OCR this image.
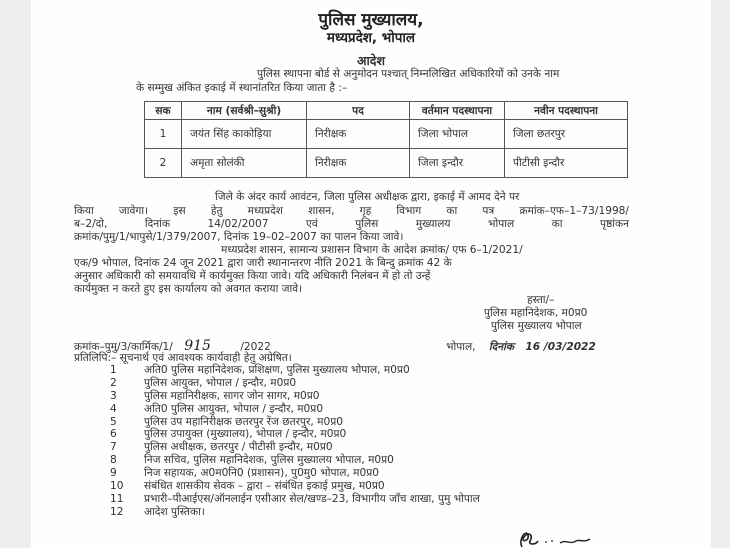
पुलिस मुख्यालय,
मध्यप्रदेश, भोपाल
आदेश
पुलिस स्थापना बोर्ड से अनुमोदन पश्चात् निम्नलिखित अधिकारियों को उनके नाम
के सम्मुख अंकित इकाई में स्थानांतरित किया जाता है :–
सक	नाम (सर्वश्री–सुश्री)	पद	वर्तमान पदस्थापना	नवीन पदस्थापना
1	जयंत सिंह काकोड़िया	निरीक्षक	जिला भोपाल	जिला छतरपुर
2	अमृता सोलंकी	निरीक्षक	जिला इन्दौर	पीटीसी इन्दौर
जिले के अंदर कार्य आवंटन, जिला पुलिस अधीक्षक द्वारा, इकाई में आमद देने पर
किया जावेगा। इस हेतु मध्यप्रदेश शासन, गृह विभाग का पत्र क्रमांक–एफ–1–73/1998/
ब–2/दो, दिनांक 14/02/2007 एवं पुलिस मुख्यालय भोपाल का पृष्ठांकन
क्रमांक/पुमु/1/भापुसे/1/379/2007, दिनांक 19–02–2007 का पालन किया जावे।
मध्यप्रदेश शासन, सामान्य प्रशासन विभाग के आदेश क्रमांक/ एफ 6–1/2021/
एक/9 भोपाल, दिनांक 24 जून 2021 द्वारा जारी स्थानान्तरण नीति 2021 के बिन्दु क्रमांक 42 के
अनुसार अधिकारी को समयावधि में कार्यमुक्त किया जावे। यदि अधिकारी निलंबन में हो तो उन्हें
कार्यमुक्त न करते हुए इस कार्यालय को अवगत कराया जावे।
हस्ता/–
पुलिस महानिदेशक, म0प्र0
पुलिस मुख्यालय भोपाल
क्रमांक–पुमु/3/कार्मिक/1/ 915	/2022	भोपाल, दिनांक 16 /03/2022
प्रतिलिपि:– सूचनार्थ एवं आवश्यक कार्यवाही हेतु अग्रेषित।
1	अति0 पुलिस महानिदेशक, प्रशिक्षण, पुलिस मुख्यालय भोपाल, म0प्र0
2	पुलिस आयुक्त, भोपाल / इन्दौर, म0प्र0
3	पुलिस महानिरीक्षक, सागर जोन सागर, म0प्र0
4	अति0 पुलिस आयुक्त, भोपाल / इन्दौर, म0प्र0
5	पुलिस उप महानिरीक्षक छतरपुर रेंज छतरपुर, म0प्र0
6	पुलिस उपायुक्त (मुख्यालय), भोपाल / इन्दौर, म0प्र0
7	पुलिस अधीक्षक, छतरपुर / पीटीसी इन्दौर, म0प्र0
8	निज सचिव, पुलिस महानिदेशक, पुलिस मुख्यालय भोपाल, म0प्र0
9	निज सहायक, अ0म0नि0 (प्रशासन), पु0मु0 भोपाल, म0प्र0
10	संबंधित शासकीय सेवक – द्वारा – संबंधित इकाई प्रमुख, म0प्र0
11	प्रभारी–पीआईएस/ऑनलाईन एसीआर सेल/खण्ड–23, विभागीय जाँच शाखा, पुमु भोपाल
12	आदेश पुस्तिका।
